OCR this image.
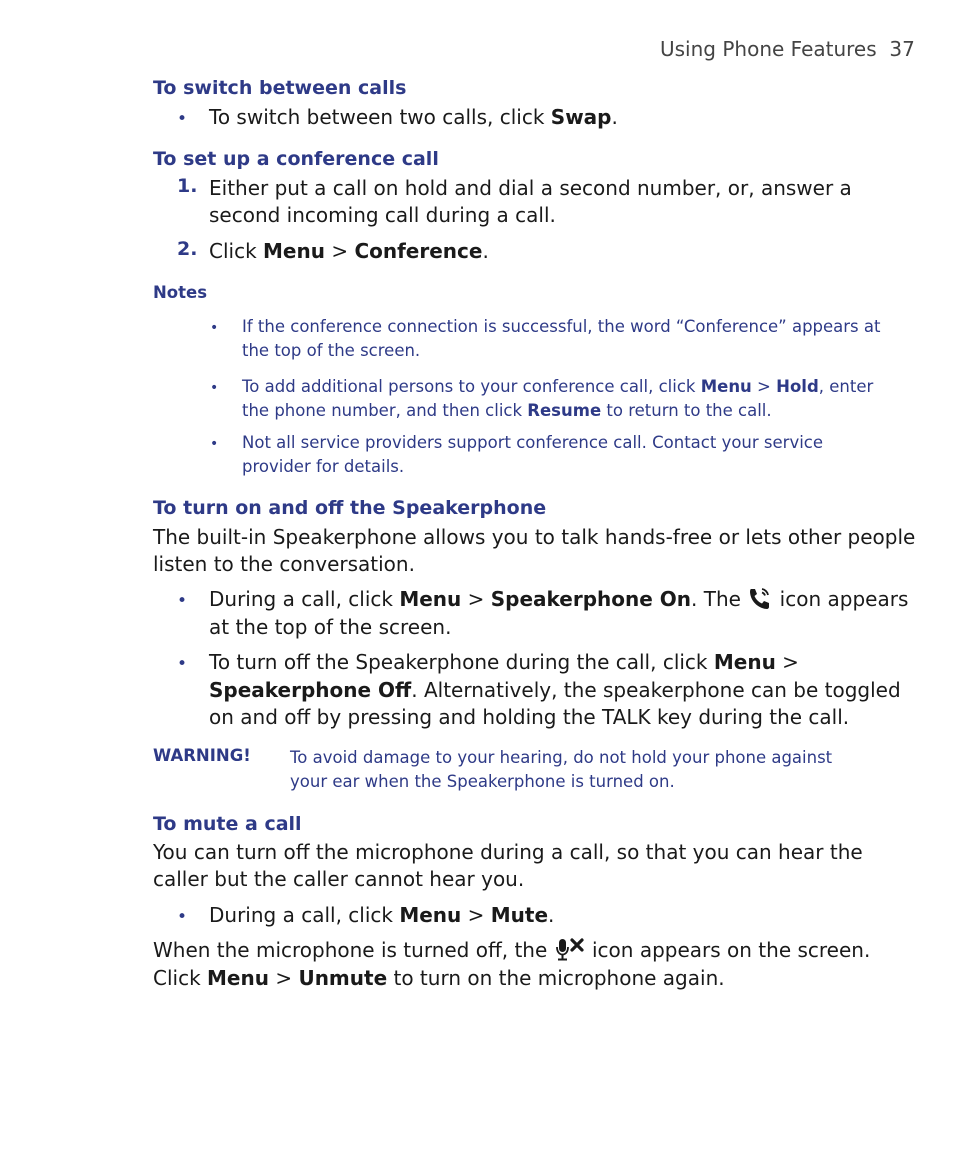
Using Phone Features 37
To switch between calls
• To switch between two calls, click Swap.
To set up a conference call
1. Either put a call on hold and dial a second number, or, answer a
second incoming call during a call.
2. Click Menu > Conference.
Notes
• If the conference connection is successful, the word “Conference” appears at
the top of the screen.
• To add additional persons to your conference call, click Menu > Hold, enter
the phone number, and then click Resume to return to the call.
• Not all service providers support conference call. Contact your service
provider for details.
To turn on and off the Speakerphone
The built-in Speakerphone allows you to talk hands-free or lets other people
listen to the conversation.
• During a call, click Menu > Speakerphone On. The  icon appears
at the top of the screen.
• To turn off the Speakerphone during the call, click Menu >
Speakerphone Off. Alternatively, the speakerphone can be toggled
on and off by pressing and holding the TALK key during the call.
WARNING! To avoid damage to your hearing, do not hold your phone against
your ear when the Speakerphone is turned on.
To mute a call
You can turn off the microphone during a call, so that you can hear the
caller but the caller cannot hear you.
• During a call, click Menu > Mute.
When the microphone is turned off, the  icon appears on the screen.
Click Menu > Unmute to turn on the microphone again.
